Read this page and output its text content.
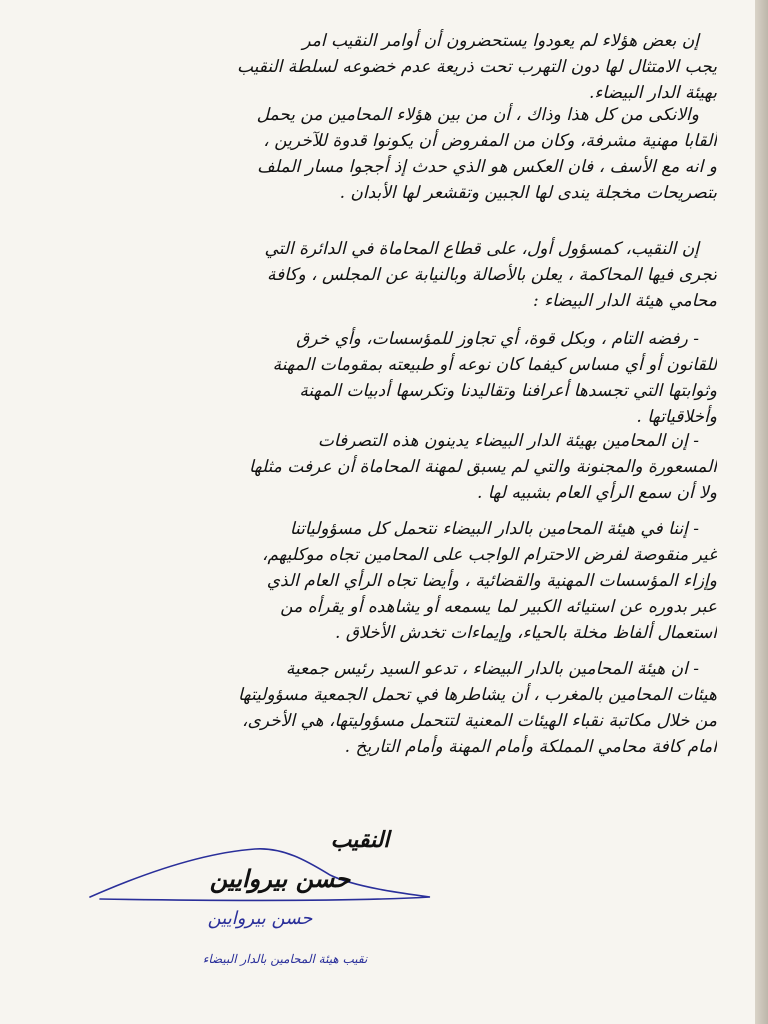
إن بعض هؤلاء لم يعودوا يستحضرون أن أوامر النقيب امر
يجب الامتثال لها دون التهرب تحت ذريعة عدم خضوعه لسلطة النقيب
بهيئة الدار البيضاء.
والانكى من كل هذا وذاك ، أن من بين هؤلاء المحامين من يحمل
ألقابا مهنية مشرفة، وكان من المفروض أن يكونوا قدوة للآخرين ،
و انه مع الأسف ، فان العكس هو الذي حدث إذ أججوا مسار الملف
بتصريحات مخجلة يندى لها الجبين وتقشعر لها الأبدان .
إن النقيب، كمسؤول أول، على قطاع المحاماة في الدائرة التي
تجرى فيها المحاكمة ، يعلن بالأصالة وبالنيابة عن المجلس ، وكافة
محامي هيئة الدار البيضاء :
- رفضه التام ، وبكل قوة، أي تجاوز للمؤسسات، وأي خرق
للقانون أو أي مساس كيفما كان نوعه أو طبيعته بمقومات المهنة
وثوابتها التي تجسدها أعرافنا وتقاليدنا وتكرسها أدبيات المهنة
وأخلاقياتها .
- إن المحامين بهيئة الدار البيضاء يدينون هذه التصرفات
المسعورة والمجنونة والتي لم يسبق لمهنة المحاماة أن عرفت مثلها
ولا أن سمع الرأي العام بشبيه لها .
- إننا في هيئة المحامين بالدار البيضاء نتحمل كل مسؤولياتنا
غير منقوصة لفرض الاحترام الواجب على المحامين تجاه موكليهم،
وإزاء المؤسسات المهنية والقضائية ، وأيضا تجاه الرأي العام الذي
عبر بدوره عن استيائه الكبير لما يسمعه أو يشاهده أو يقرأه من
استعمال ألفاظ مخلة بالحياء، وإيماءات تخدش الأخلاق .
- ان هيئة المحامين بالدار البيضاء ، تدعو السيد رئيس جمعية
هيئات المحامين بالمغرب ، أن يشاطرها في تحمل الجمعية مسؤوليتها
من خلال مكاتبة نقباء الهيئات المعنية لتتحمل مسؤوليتها، هي الأخرى،
امام كافة محامي المملكة وأمام المهنة وأمام التاريخ .
النقيب
حسن بيروايين
حسن بيروايين
نقيب هيئة المحامين بالدار البيضاء
